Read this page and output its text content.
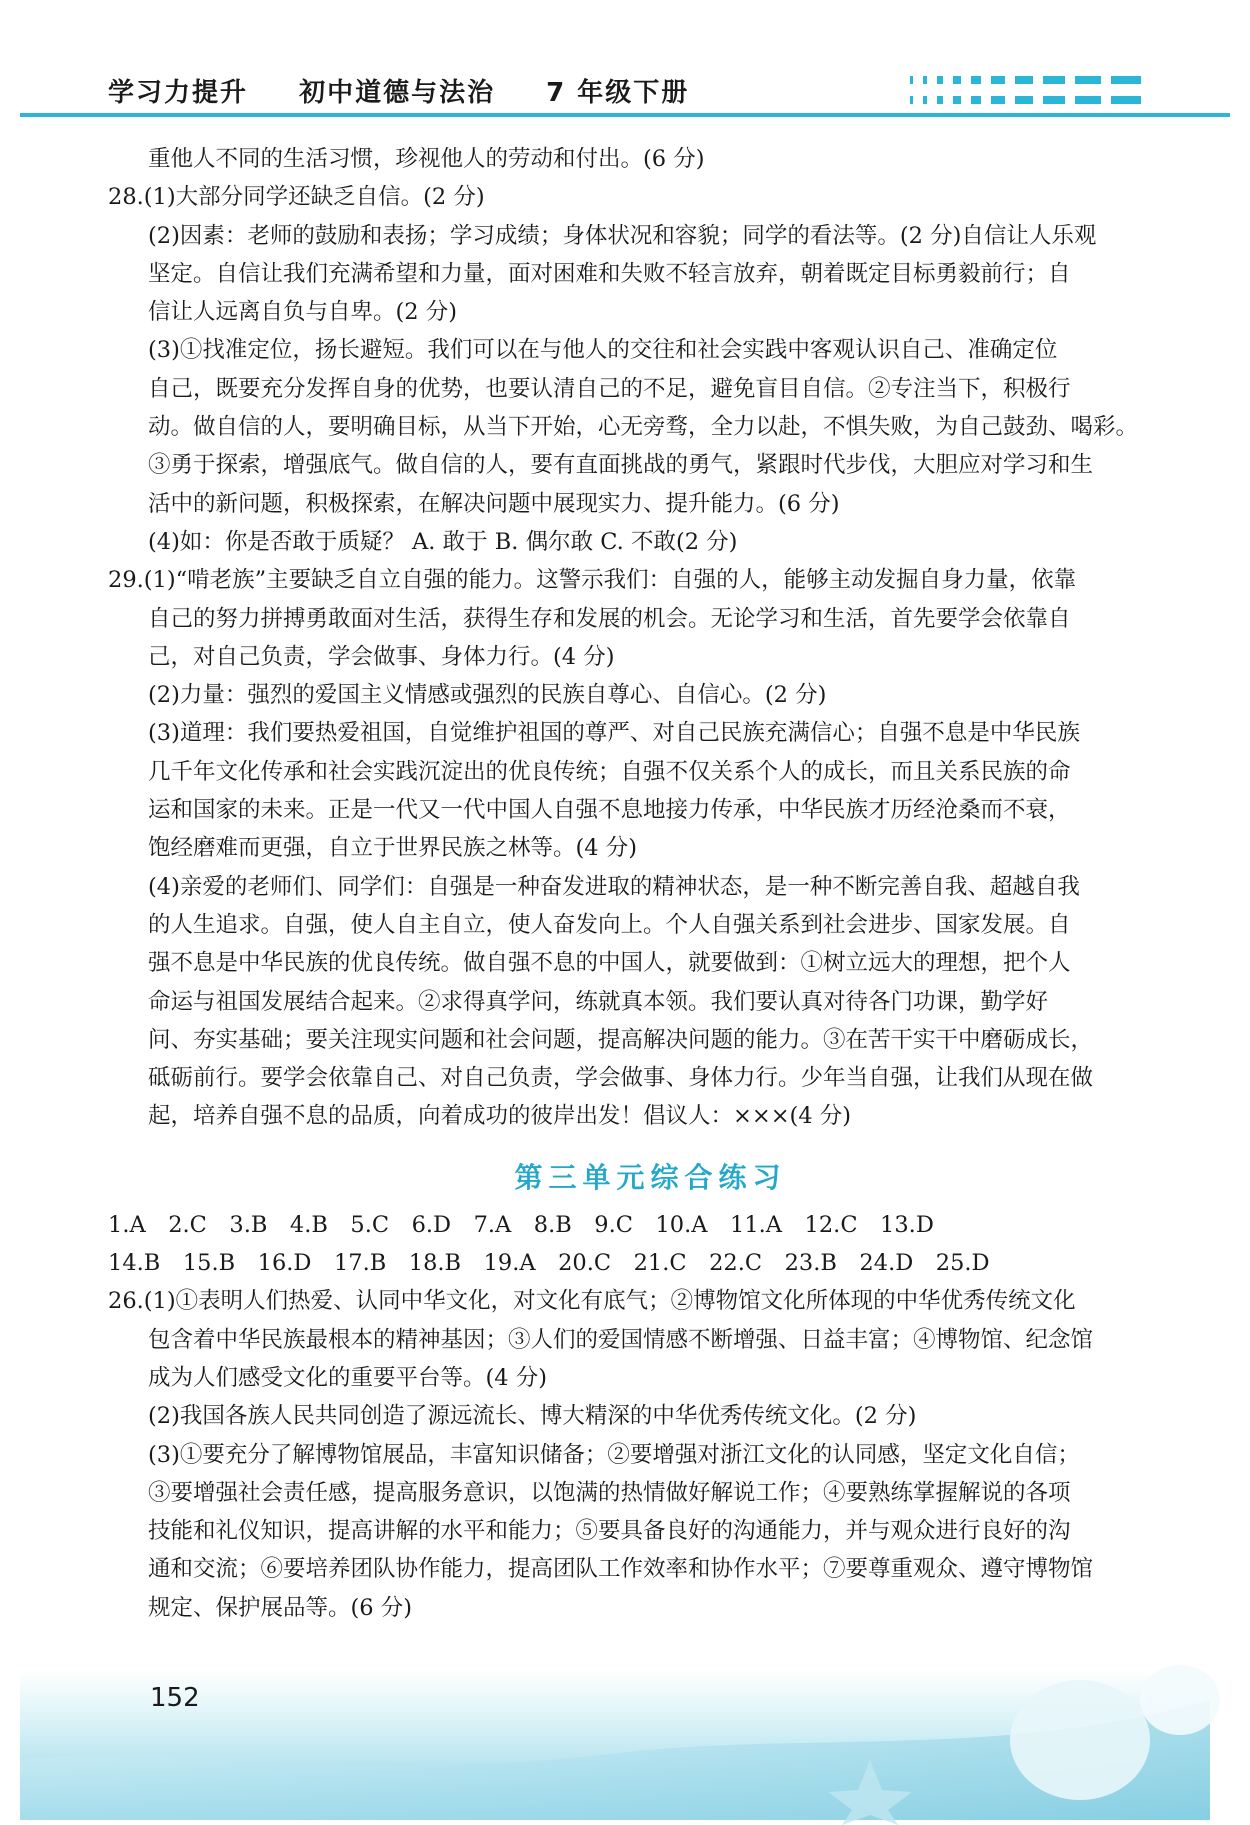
学习力提升 初中道德与法治 7 年级下册
重他人不同的生活习惯，珍视他人的劳动和付出。(6 分)
28.(1)大部分同学还缺乏自信。(2 分)
(2)因素：老师的鼓励和表扬；学习成绩；身体状况和容貌；同学的看法等。(2 分)自信让人乐观
坚定。自信让我们充满希望和力量，面对困难和失败不轻言放弃，朝着既定目标勇毅前行；自
信让人远离自负与自卑。(2 分)
(3)①找准定位，扬长避短。我们可以在与他人的交往和社会实践中客观认识自己、准确定位
自己，既要充分发挥自身的优势，也要认清自己的不足，避免盲目自信。②专注当下，积极行
动。做自信的人，要明确目标，从当下开始，心无旁骛，全力以赴，不惧失败，为自己鼓劲、喝彩。
③勇于探索，增强底气。做自信的人，要有直面挑战的勇气，紧跟时代步伐，大胆应对学习和生
活中的新问题，积极探索，在解决问题中展现实力、提升能力。(6 分)
(4)如：你是否敢于质疑？ A. 敢于 B. 偶尔敢 C. 不敢(2 分)
29.(1)“啃老族”主要缺乏自立自强的能力。这警示我们：自强的人，能够主动发掘自身力量，依靠
自己的努力拼搏勇敢面对生活，获得生存和发展的机会。无论学习和生活，首先要学会依靠自
己，对自己负责，学会做事、身体力行。(4 分)
(2)力量：强烈的爱国主义情感或强烈的民族自尊心、自信心。(2 分)
(3)道理：我们要热爱祖国，自觉维护祖国的尊严、对自己民族充满信心；自强不息是中华民族
几千年文化传承和社会实践沉淀出的优良传统；自强不仅关系个人的成长，而且关系民族的命
运和国家的未来。正是一代又一代中国人自强不息地接力传承，中华民族才历经沧桑而不衰，
饱经磨难而更强，自立于世界民族之林等。(4 分)
(4)亲爱的老师们、同学们：自强是一种奋发进取的精神状态，是一种不断完善自我、超越自我
的人生追求。自强，使人自主自立，使人奋发向上。个人自强关系到社会进步、国家发展。自
强不息是中华民族的优良传统。做自强不息的中国人，就要做到：①树立远大的理想，把个人
命运与祖国发展结合起来。②求得真学问，练就真本领。我们要认真对待各门功课，勤学好
问、夯实基础；要关注现实问题和社会问题，提高解决问题的能力。③在苦干实干中磨砺成长，
砥砺前行。要学会依靠自己、对自己负责，学会做事、身体力行。少年当自强，让我们从现在做
起，培养自强不息的品质，向着成功的彼岸出发！倡议人：×××(4 分)
第三单元综合练习
1.A　2.C　3.B　4.B　5.C　6.D　7.A　8.B　9.C　10.A　11.A　12.C　13.D
14.B　15.B　16.D　17.B　18.B　19.A　20.C　21.C　22.C　23.B　24.D　25.D
26.(1)①表明人们热爱、认同中华文化，对文化有底气；②博物馆文化所体现的中华优秀传统文化
包含着中华民族最根本的精神基因；③人们的爱国情感不断增强、日益丰富；④博物馆、纪念馆
成为人们感受文化的重要平台等。(4 分)
(2)我国各族人民共同创造了源远流长、博大精深的中华优秀传统文化。(2 分)
(3)①要充分了解博物馆展品，丰富知识储备；②要增强对浙江文化的认同感，坚定文化自信；
③要增强社会责任感，提高服务意识，以饱满的热情做好解说工作；④要熟练掌握解说的各项
技能和礼仪知识，提高讲解的水平和能力；⑤要具备良好的沟通能力，并与观众进行良好的沟
通和交流；⑥要培养团队协作能力，提高团队工作效率和协作水平；⑦要尊重观众、遵守博物馆
规定、保护展品等。(6 分)
152
